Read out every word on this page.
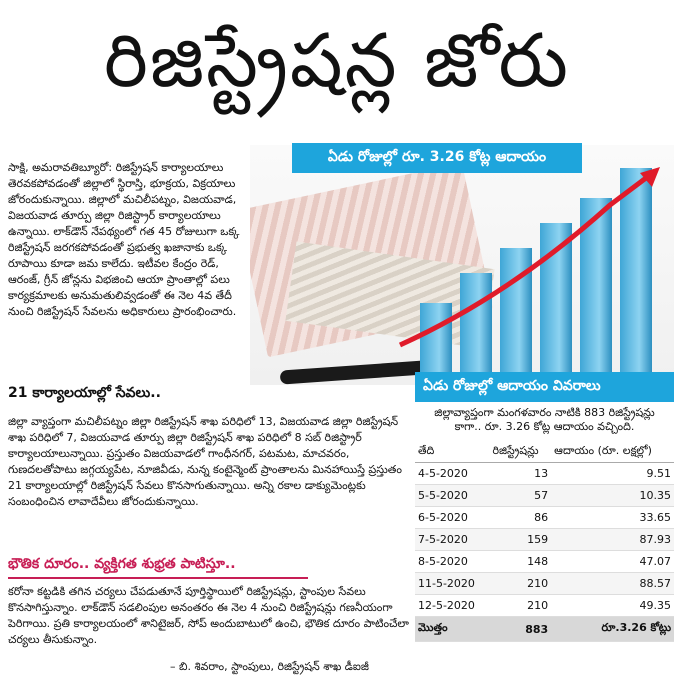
రిజిస్ట్రేషన్ల జోరు
ఏడు రోజుల్లో రూ. 3.26 కోట్ల ఆదాయం

సాక్షి, అమరావతిబ్యూరో: రిజిస్ట్రేషన్ కార్యాలయాలు తెరవకపోవడంతో జిల్లాలో స్థిరాస్తి, భూక్రయ, విక్రయాలు జోరందుకున్నాయి. జిల్లాలో మచిలీపట్నం, విజయవాడ, విజయవాడ తూర్పు జిల్లా రిజిస్ట్రార్ కార్యాలయాలు ఉన్నాయి. లాక్‌డౌన్ నేపథ్యంలో గత 45 రోజులుగా ఒక్క రిజిస్ట్రేషన్ జరగకపోవడంతో ప్రభుత్వ ఖజానాకు ఒక్క రూపాయి కూడా జమ కాలేదు. ఇటీవల కేంద్రం రెడ్, ఆరంజ్, గ్రీన్ జోన్లను విభజించి ఆయా ప్రాంతాల్లో పలు కార్యక్రమాలకు అనుమతులివ్వడంతో ఈ నెల 4వ తేదీ నుంచి రిజిస్ట్రేషన్ సేవలను అధికారులు ప్రారంభించారు.

21 కార్యాలయాల్లో సేవలు..

జిల్లా వ్యాప్తంగా మచిలీపట్నం జిల్లా రిజిస్ట్రేషన్ శాఖ పరిధిలో 13, విజయవాడ జిల్లా రిజిస్ట్రేషన్ శాఖ పరిధిలో 7, విజయవాడ తూర్పు జిల్లా రిజిస్ట్రేషన్ శాఖ పరిధిలో 8 సబ్ రిజిస్ట్రార్ కార్యాలయాలున్నాయి. ప్రస్తుతం విజయవాడలో గాంధీనగర్, పటమట, మాచవరం, గుణదలతోపాటు జగ్గయ్యపేట, నూజివీడు, నున్న కంటైన్మెంట్ ప్రాంతాలను మినహాయిస్తే ప్రస్తుతం 21 కార్యాలయాల్లో రిజిస్ట్రేషన్ సేవలు కొనసాగుతున్నాయి. అన్ని రకాల డాక్యుమెంట్లకు సంబంధించిన లావాదేవీలు జోరందుకున్నాయి.

భౌతిక దూరం.. వ్యక్తిగత శుభ్రత పాటిస్తూ..

కరోనా కట్టడికి తగిన చర్యలు చేపడుతూనే పూర్తిస్థాయిలో రిజిస్ట్రేషన్లు, స్టాంపుల సేవలు కొనసాగిస్తున్నాం. లాక్‌డౌన్ సడలింపుల అనంతరం ఈ నెల 4 నుంచి రిజిస్ట్రేషన్లు గణనీయంగా పెరిగాయి. ప్రతి కార్యాలయంలో శానిటైజర్, సోప్ అందుబాటులో ఉంచి, భౌతిక దూరం పాటించేలా చర్యలు తీసుకున్నాం.

– బి. శివరాం, స్టాంపులు, రిజిస్ట్రేషన్ శాఖ డీఐజీ
ఏడు రోజుల్లో ఆదాయం వివరాలు
జిల్లావ్యాప్తంగా మంగళవారం నాటికి 883 రిజిస్ట్రేషన్లు కాగా.. రూ. 3.26 కోట్ల ఆదాయం వచ్చింది.
తేది	రిజిస్ట్రేషన్లు	ఆదాయం (రూ. లక్షల్లో)
4-5-2020	13	9.51
5-5-2020	57	10.35
6-5-2020	86	33.65
7-5-2020	159	87.93
8-5-2020	148	47.07
11-5-2020	210	88.57
12-5-2020	210	49.35
మొత్తం	883	రూ.3.26 కోట్లు
